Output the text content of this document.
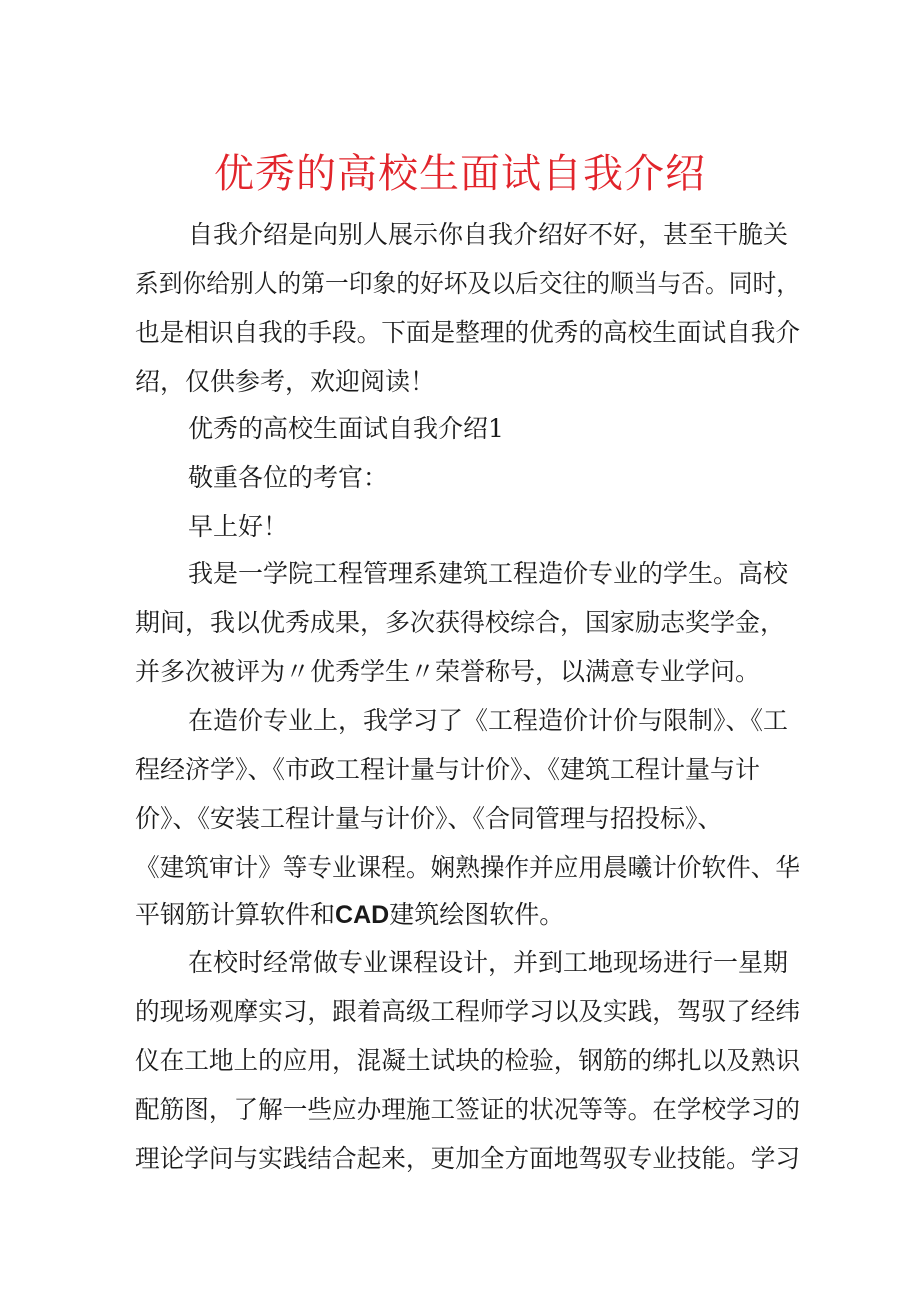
优秀的高校生面试自我介绍
自我介绍是向别人展示你自我介绍好不好，甚至干脆关
系到你给别人的第一印象的好坏及以后交往的顺当与否。同时，
也是相识自我的手段。下面是整理的优秀的高校生面试自我介
绍，仅供参考，欢迎阅读！
优秀的高校生面试自我介绍1
敬重各位的考官：
早上好！
我是一学院工程管理系建筑工程造价专业的学生。高校
期间，我以优秀成果，多次获得校综合，国家励志奖学金，
并多次被评为〃优秀学生〃荣誉称号，以满意专业学问。
在造价专业上，我学习了《工程造价计价与限制》、《工
程经济学》、《市政工程计量与计价》、《建筑工程计量与计
价》、《安装工程计量与计价》、《合同管理与招投标》、
《建筑审计》等专业课程。娴熟操作并应用晨曦计价软件、华
平钢筋计算软件和CAD建筑绘图软件。
在校时经常做专业课程设计，并到工地现场进行一星期
的现场观摩实习，跟着高级工程师学习以及实践，驾驭了经纬
仪在工地上的应用，混凝土试块的检验，钢筋的绑扎以及熟识
配筋图，了解一些应办理施工签证的状况等等。在学校学习的
理论学问与实践结合起来，更加全方面地驾驭专业技能。学习
